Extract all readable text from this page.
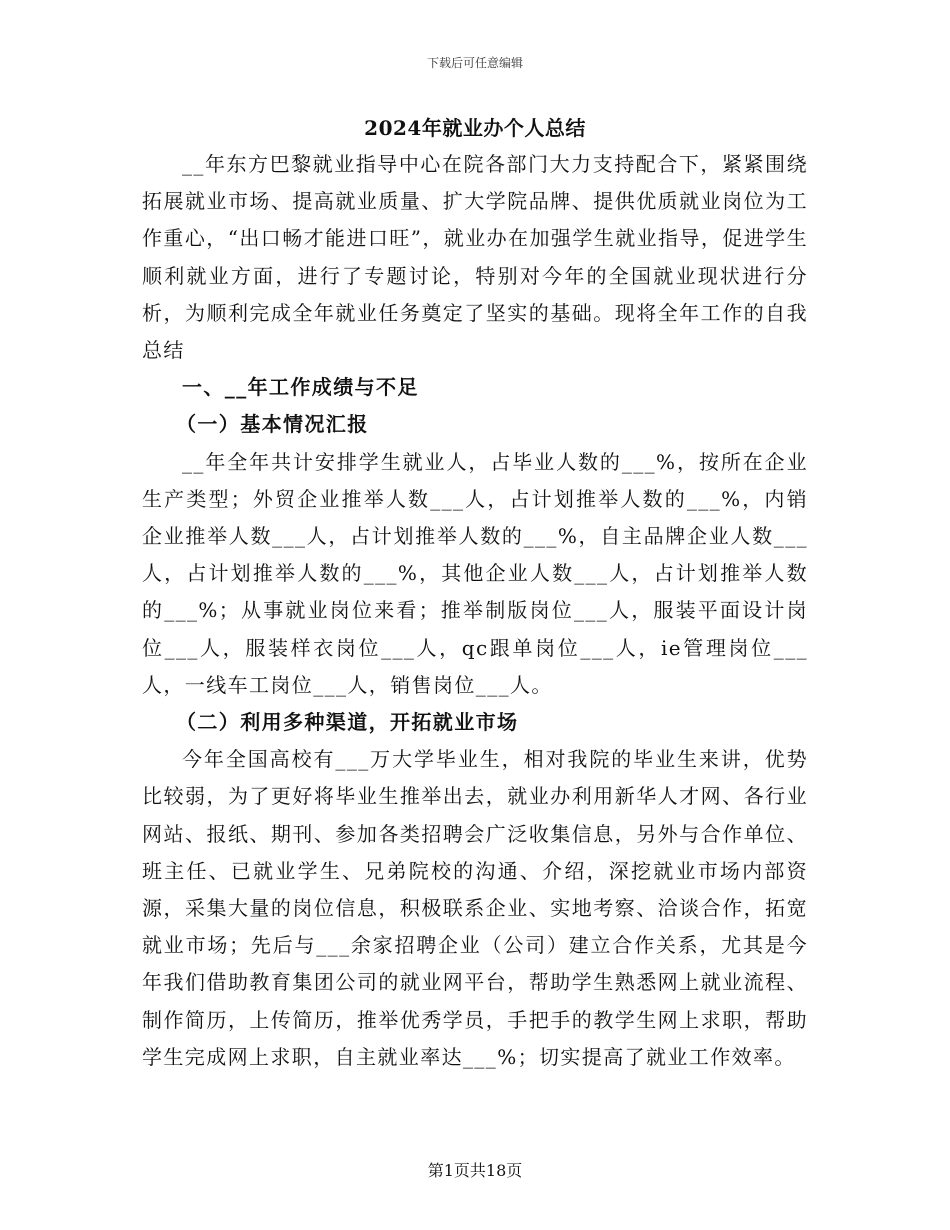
下载后可任意编辑
2024年就业办个人总结

__年东方巴黎就业指导中心在院各部门大力支持配合下，紧紧围绕拓展就业市场、提高就业质量、扩大学院品牌、提供优质就业岗位为工作重心，“出口畅才能进口旺”，就业办在加强学生就业指导，促进学生顺利就业方面，进行了专题讨论，特别对今年的全国就业现状进行分析，为顺利完成全年就业任务奠定了坚实的基础。现将全年工作的自我总结

一、__年工作成绩与不足

（一）基本情况汇报

__年全年共计安排学生就业人，占毕业人数的___%，按所在企业生产类型；外贸企业推举人数___人，占计划推举人数的___%，内销企业推举人数___人，占计划推举人数的___%，自主品牌企业人数___人，占计划推举人数的___%，其他企业人数___人，占计划推举人数的___%；从事就业岗位来看；推举制版岗位___人，服装平面设计岗位___人，服装样衣岗位___人，qc跟单岗位___人，ie管理岗位___人，一线车工岗位___人，销售岗位___人。

（二）利用多种渠道，开拓就业市场

今年全国高校有___万大学毕业生，相对我院的毕业生来讲，优势比较弱，为了更好将毕业生推举出去，就业办利用新华人才网、各行业网站、报纸、期刊、参加各类招聘会广泛收集信息，另外与合作单位、班主任、已就业学生、兄弟院校的沟通、介绍，深挖就业市场内部资源，采集大量的岗位信息，积极联系企业、实地考察、洽谈合作，拓宽就业市场；先后与___余家招聘企业（公司）建立合作关系，尤其是今年我们借助教育集团公司的就业网平台，帮助学生熟悉网上就业流程、制作简历，上传简历，推举优秀学员，手把手的教学生网上求职，帮助学生完成网上求职，自主就业率达___%；切实提高了就业工作效率。

第1页共18页
